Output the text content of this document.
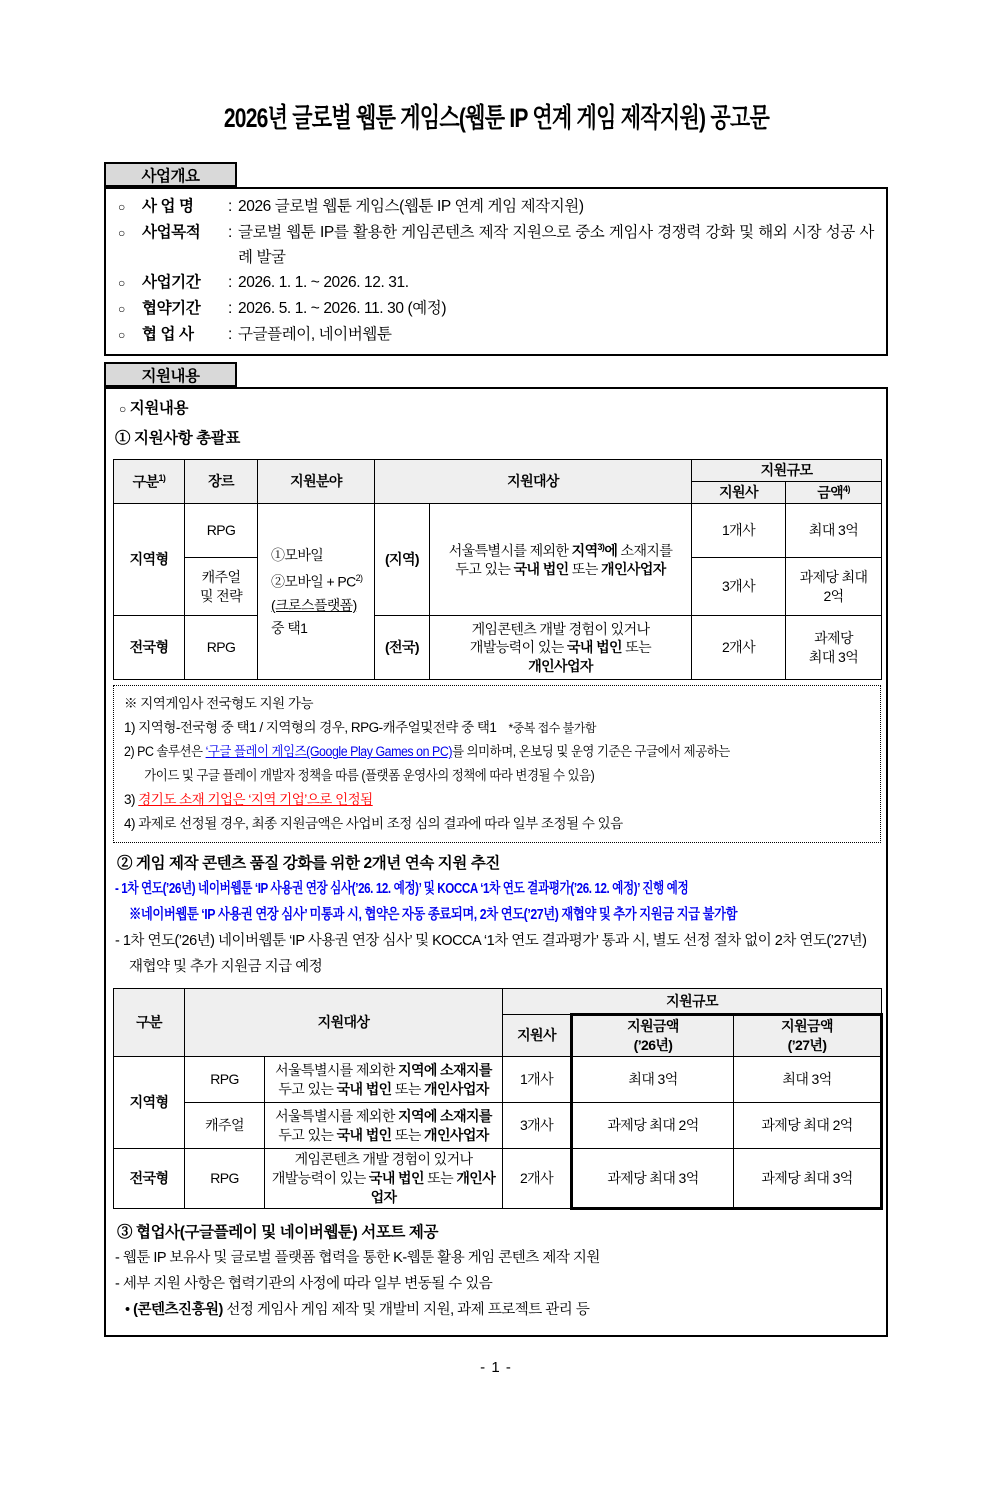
2026년 글로벌 웹툰 게임스(웹툰 IP 연계 게임 제작지원) 공고문
사업개요
○	사 업 명	: 2026 글로벌 웹툰 게임스(웹툰 IP 연계 게임 제작지원)
○	사업목적	: 글로벌 웹툰 IP를 활용한 게임콘텐츠 제작 지원으로 중소 게임사 경쟁력 강화 및 해외 시장 성공 사례 발굴
○	사업기간	: 2026. 1. 1. ~ 2026. 12. 31.
○	협약기간	: 2026. 5. 1. ~ 2026. 11. 30 (예정)
○	협 업 사	: 구글플레이, 네이버웹툰
지원내용
○ 지원내용
① 지원사항 총괄표
구분$^{1)}$	장르	지원분야	지원대상		지원규모	
					지원사	금액$^{4)}$
지역형	RPG	①모바일
②모바일 + $PC^{2)}$
(크로스플랫폼)
중 택1	(지역)	서울특별시를 제외한 지역$^{3)}$에 소재지를
두고 있는 국내 법인 또는 개인사업자	1개사	최대 3억
	캐주얼
및 전략				3개사	과제당 최대
2억
전국형	RPG		(전국)	게임콘텐츠 개발 경험이 있거나
개발능력이 있는 국내 법인 또는
개인사업자	2개사	과제당
최대 3억
※ 지역게임사 전국형도 지원 가능
1) 지역형-전국형 중 택1 / 지역형의 경우, RPG-캐주얼및전략 중 택1 *중복 접수 불가함
2) PC 솔루션은 ‘구글 플레이 게임즈(Google Play Games on PC)를 의미하며, 온보딩 및 운영 기준은 구글에서 제공하는
가이드 및 구글 플레이 개발자 정책을 따름 (플랫폼 운영사의 정책에 따라 변경될 수 있음)
3) 경기도 소재 기업은 ‘지역 기업’으로 인정됨
4) 과제로 선정될 경우, 최종 지원금액은 사업비 조정 심의 결과에 따라 일부 조정될 수 있음
② 게임 제작 콘텐츠 품질 강화를 위한 2개년 연속 지원 추진
- 1차 연도(’26년) 네이버웹툰 ‘IP 사용권 연장 심사(’26. 12. 예정)’ 및 KOCCA ‘1차 연도 결과평가(’26. 12. 예정)’ 진행 예정
※네이버웹툰 ‘IP 사용권 연장 심사’ 미통과 시, 협약은 자동 종료되며, 2차 연도(’27년) 재협약 및 추가 지원금 지급 불가함
- 1차 연도(’26년) 네이버웹툰 ‘IP 사용권 연장 심사’ 및 KOCCA ‘1차 연도 결과평가’ 통과 시, 별도 선정 절차 없이 2차 연도(’27년) 재협약 및 추가 지원금 지급 예정
구분	지원대상		지원규모		
			지원사	지원금액
(’26년)	지원금액
(’27년)
지역형	RPG	서울특별시를 제외한 지역에 소재지를
두고 있는 국내 법인 또는 개인사업자	1개사	최대 3억	최대 3억
	캐주얼	서울특별시를 제외한 지역에 소재지를
두고 있는 국내 법인 또는 개인사업자	3개사	과제당 최대 2억	과제당 최대 2억
전국형	RPG	게임콘텐츠 개발 경험이 있거나
개발능력이 있는 국내 법인 또는 개인사업자	2개사	과제당 최대 3억	과제당 최대 3억
③ 협업사(구글플레이 및 네이버웹툰) 서포트 제공
- 웹툰 IP 보유사 및 글로벌 플랫폼 협력을 통한 K-웹툰 활용 게임 콘텐츠 제작 지원
- 세부 지원 사항은 협력기관의 사정에 따라 일부 변동될 수 있음
• (콘텐츠진흥원) 선정 게임사 게임 제작 및 개발비 지원, 과제 프로젝트 관리 등
- 1 -
